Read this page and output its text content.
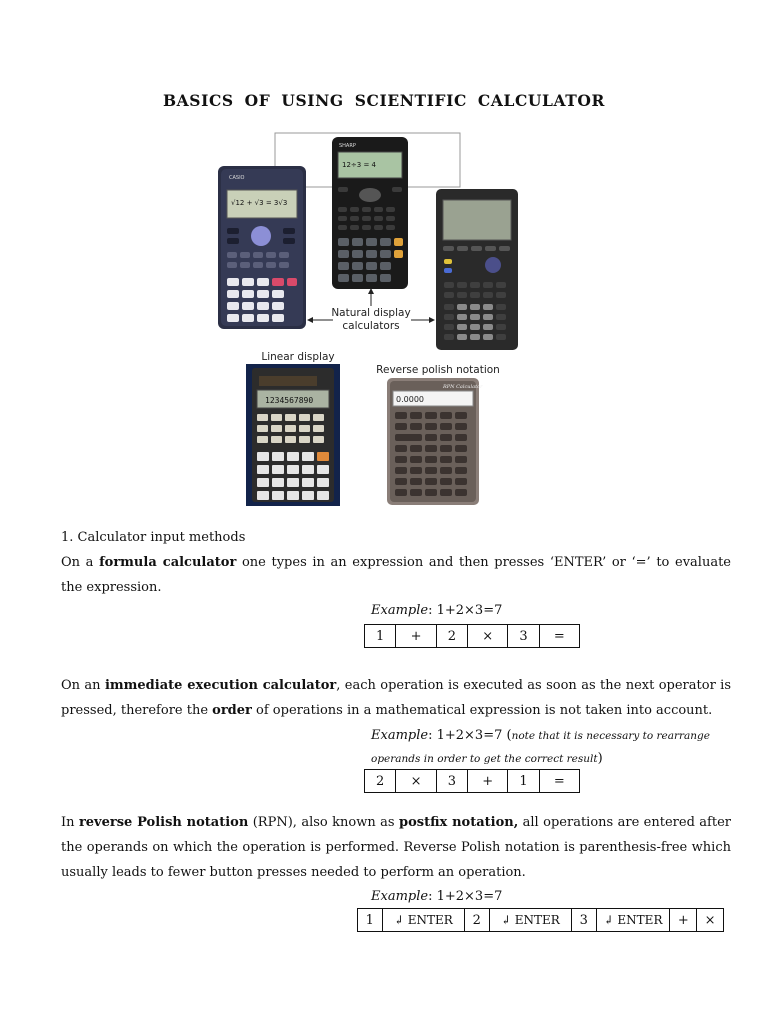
BASICS OF USING SCIENTIFIC CALCULATOR
CASIO
√12 + √3 = 3√3
SHARP
12÷3 = 4
1234567890
RPN Calculator
0.0000
Natural display calculators
Linear display
Reverse polish notation
1. Calculator input methods
On a formula calculator one types in an expression and then presses ‘ENTER’ or ‘=’ to evaluate the expression.
Example: 1+2×3=7
1	+	2	×	3	=
On an immediate execution calculator, each operation is executed as soon as the next operator is pressed, therefore the order of operations in a mathematical expression is not taken into account.
Example: 1+2×3=7 (note that it is necessary to rearrange
operands in order to get the correct result)
2	×	3	+	1	=
In reverse Polish notation (RPN), also known as postfix notation, all operations are entered after the operands on which the operation is performed. Reverse Polish notation is parenthesis-free which usually leads to fewer button presses needed to perform an operation.
Example: 1+2×3=7
1	↲ ENTER	2	↲ ENTER	3	↲ ENTER	+	×
